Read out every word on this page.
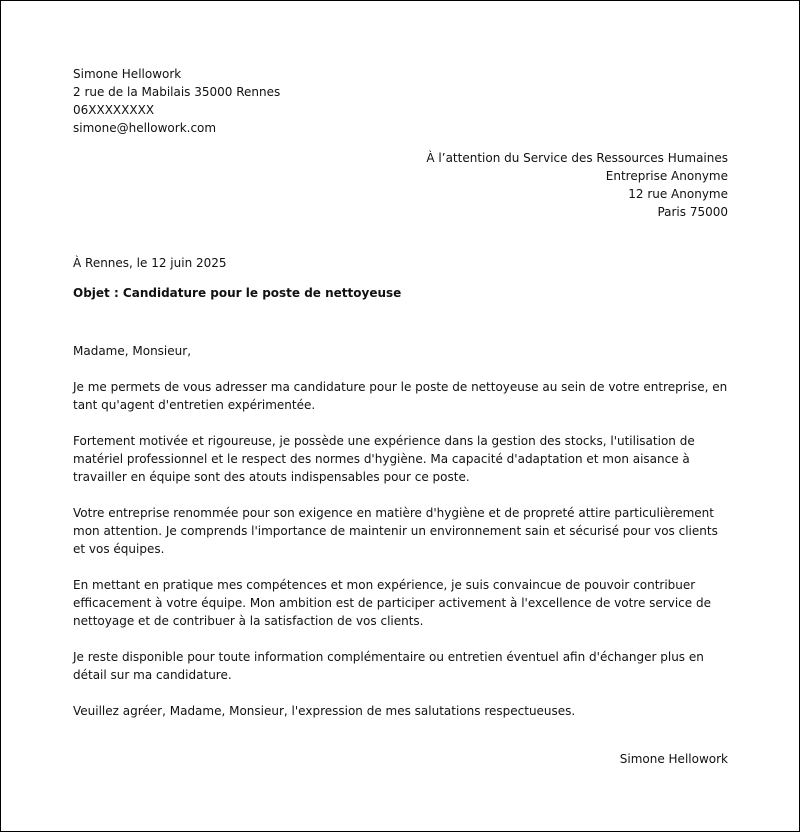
Simone Hellowork
2 rue de la Mabilais 35000 Rennes
06XXXXXXXX
simone@hellowork.com
À l’attention du Service des Ressources Humaines
Entreprise Anonyme
12 rue Anonyme
Paris 75000
À Rennes, le 12 juin 2025
Objet : Candidature pour le poste de nettoyeuse

Madame, Monsieur,

Je me permets de vous adresser ma candidature pour le poste de nettoyeuse au sein de votre entreprise, en tant qu'agent d'entretien expérimentée.

Fortement motivée et rigoureuse, je possède une expérience dans la gestion des stocks, l'utilisation de matériel professionnel et le respect des normes d'hygiène. Ma capacité d'adaptation et mon aisance à travailler en équipe sont des atouts indispensables pour ce poste.

Votre entreprise renommée pour son exigence en matière d'hygiène et de propreté attire particulièrement mon attention. Je comprends l'importance de maintenir un environnement sain et sécurisé pour vos clients et vos équipes.

En mettant en pratique mes compétences et mon expérience, je suis convaincue de pouvoir contribuer efficacement à votre équipe. Mon ambition est de participer activement à l'excellence de votre service de nettoyage et de contribuer à la satisfaction de vos clients.

Je reste disponible pour toute information complémentaire ou entretien éventuel afin d'échanger plus en détail sur ma candidature.

Veuillez agréer, Madame, Monsieur, l'expression de mes salutations respectueuses.

Simone Hellowork
